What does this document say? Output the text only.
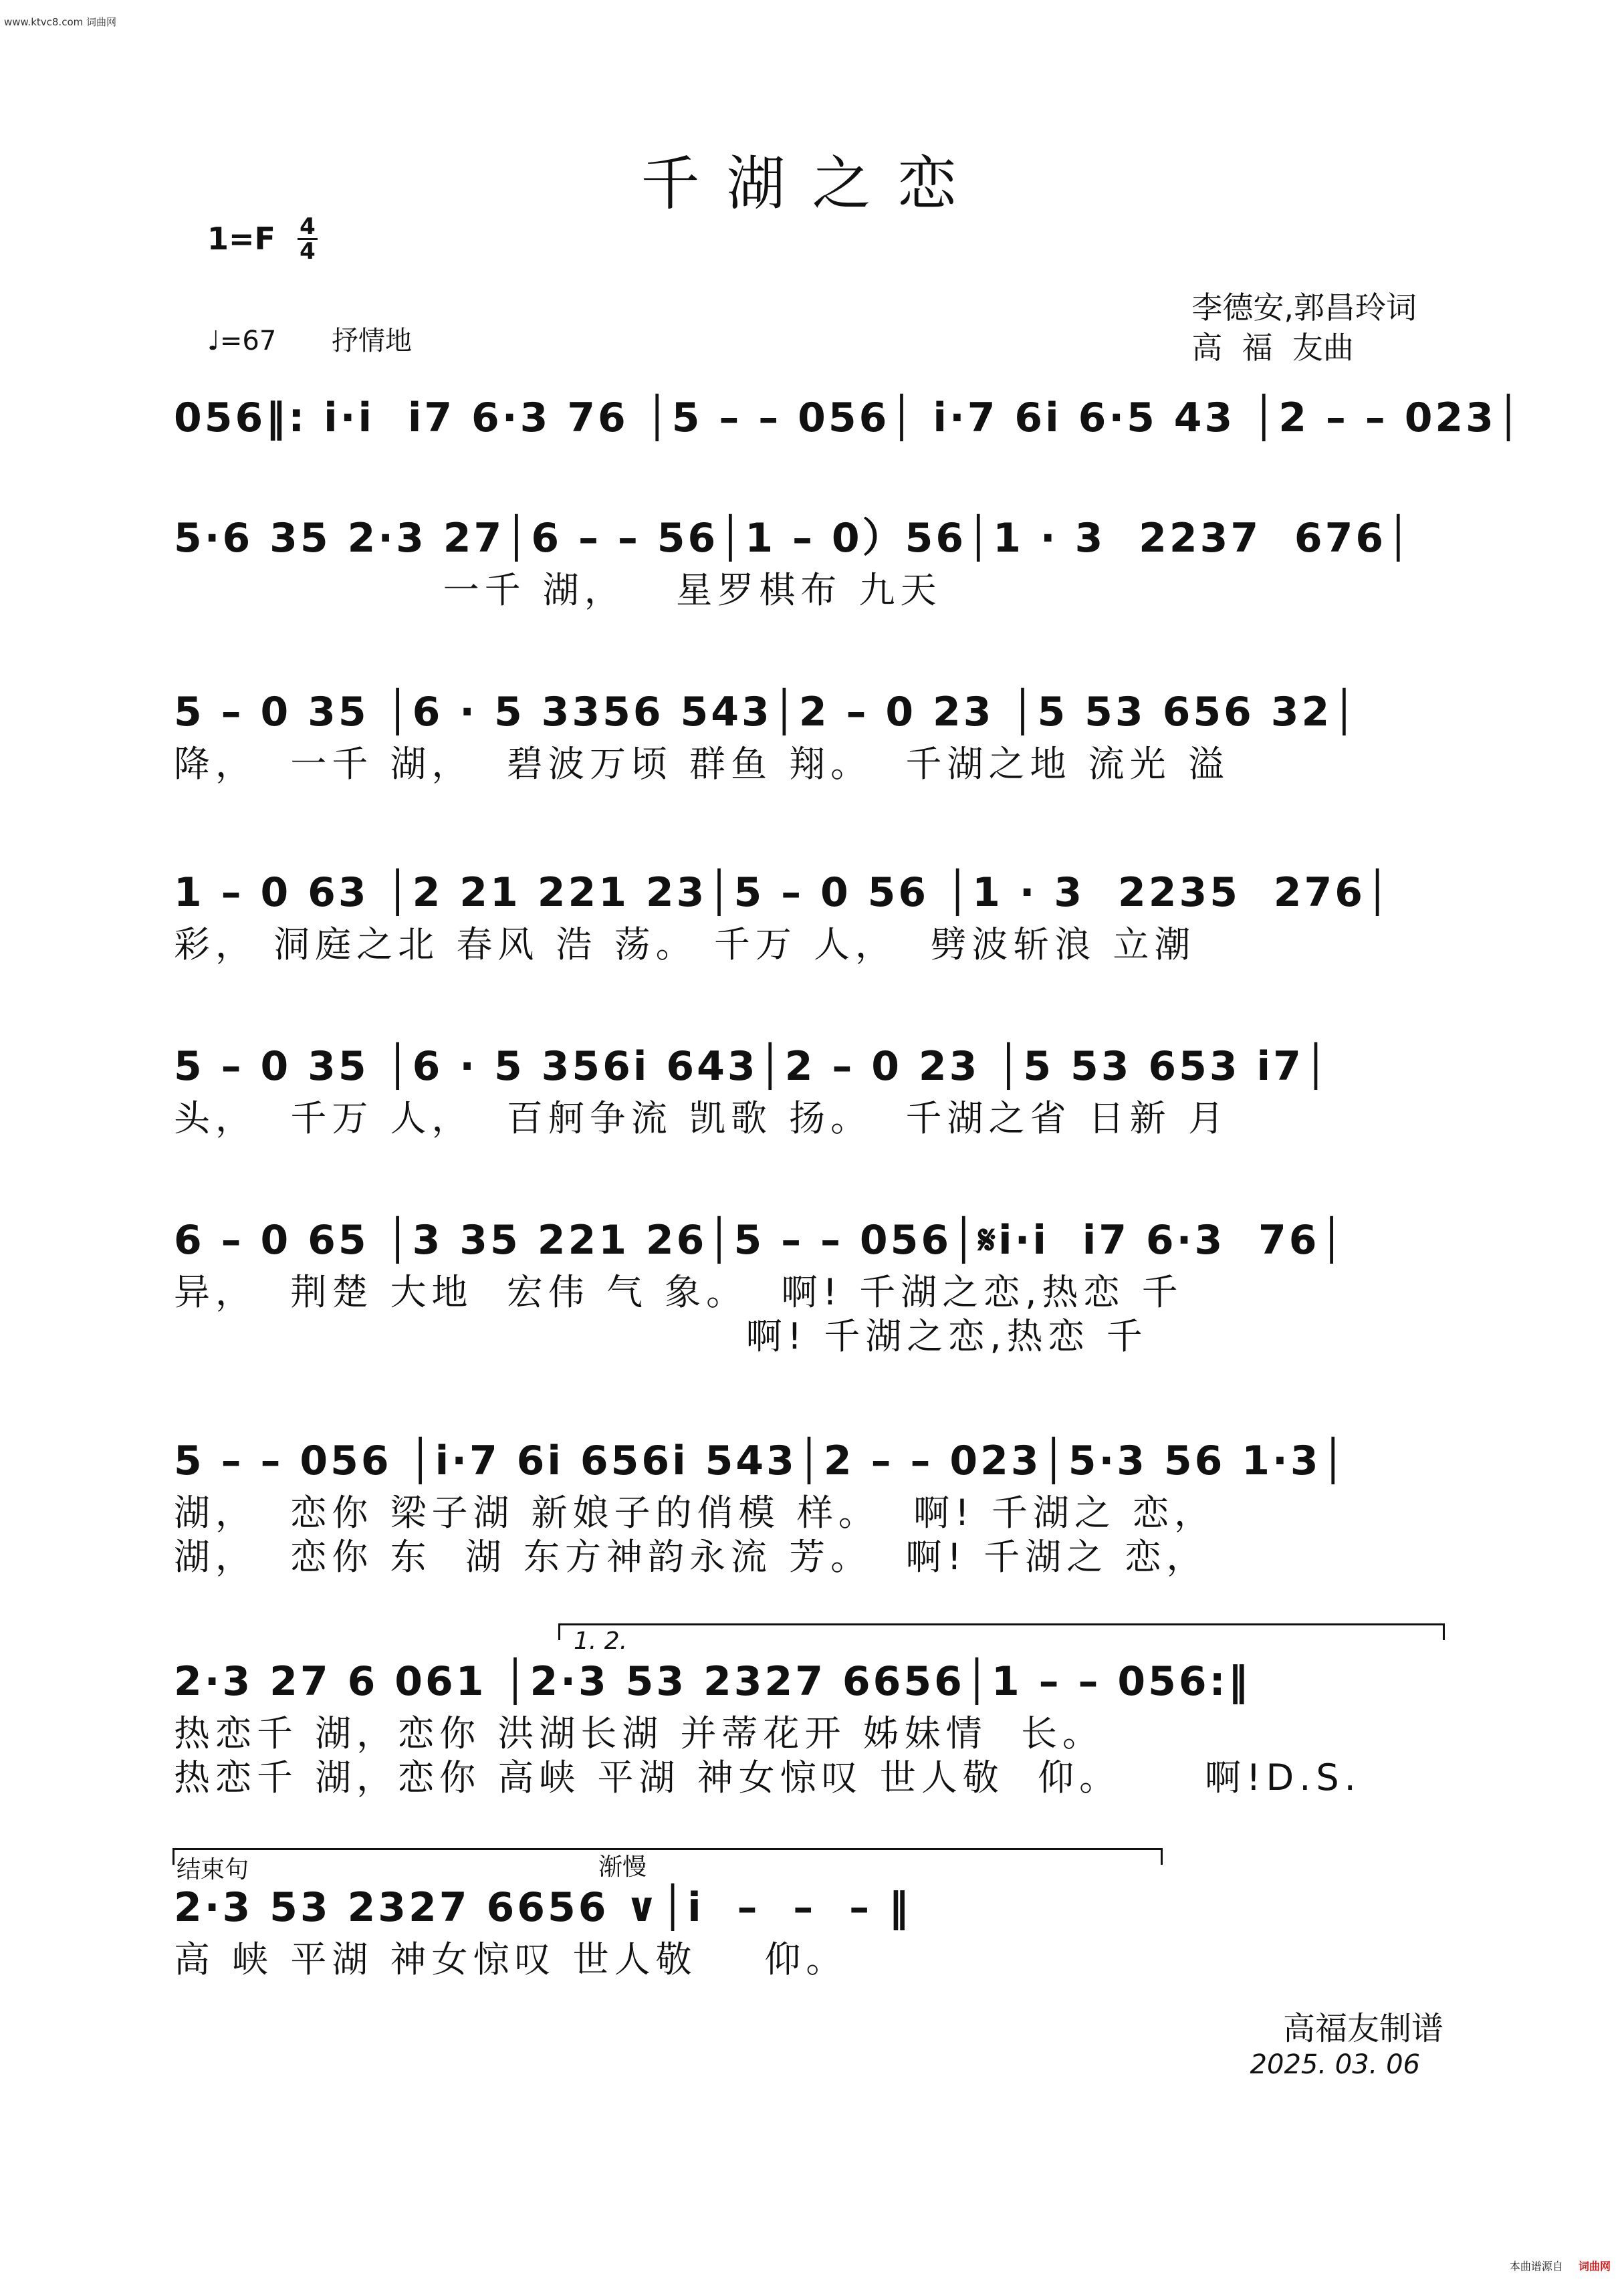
www.ktvc8.com 词曲网
千湖之恋
1=F 4
4
♩=67 抒情地
李德安,郭昌玲词
高  福  友曲
056‖: i·i  i7 6·3 76 │5 – – 056│ i·7 6i 6·5 43 │2 – – 023│
5·6 35 2·3 27│6 – – 56│1 – 0）56│1 · 3  2237  676│
一千 湖，   星罗棋布 九天
5 – 0 35 │6 · 5 3356 543│2 – 0 23 │5 53 656 32│
降，  一千 湖，  碧波万顷 群鱼 翔。  千湖之地 流光 溢
1 – 0 63 │2 21 221 23│5 – 0 56 │1 · 3  2235  276│
彩， 洞庭之北 春风 浩 荡。 千万 人，  劈波斩浪 立潮
5 – 0 35 │6 · 5 356i 643│2 – 0 23 │5 53 653 i7│
头，  千万 人，  百舸争流 凯歌 扬。  千湖之省 日新 月
6 – 0 65 │3 35 221 26│5 – – 056│𝄋i·i  i7 6·3  76│
异，  荆楚 大地  宏伟 气 象。  啊! 千湖之恋,热恋 千
啊! 千湖之恋,热恋 千
5 – – 056 │i·7 6i 656i 543│2 – – 023│5·3 56 1·3│
湖，  恋你 梁子湖 新娘子的俏模 样。  啊! 千湖之 恋，
湖，  恋你 东  湖 东方神韵永流 芳。  啊! 千湖之 恋，
1. 2.
2·3 27 6 061 │2·3 53 2327 6656│1 – – 056:‖
热恋千 湖，恋你 洪湖长湖 并蒂花开 姊妹情  长。
热恋千 湖，恋你 高峡 平湖 神女惊叹 世人敬  仰。     啊!D.S.
结束句	渐慢
2·3 53 2327 6656 ∨│i  –  –  – ‖
高 峡 平湖 神女惊叹 世人敬    仰。
高福友制谱
2025. 03. 06
本曲谱源自 词曲网
